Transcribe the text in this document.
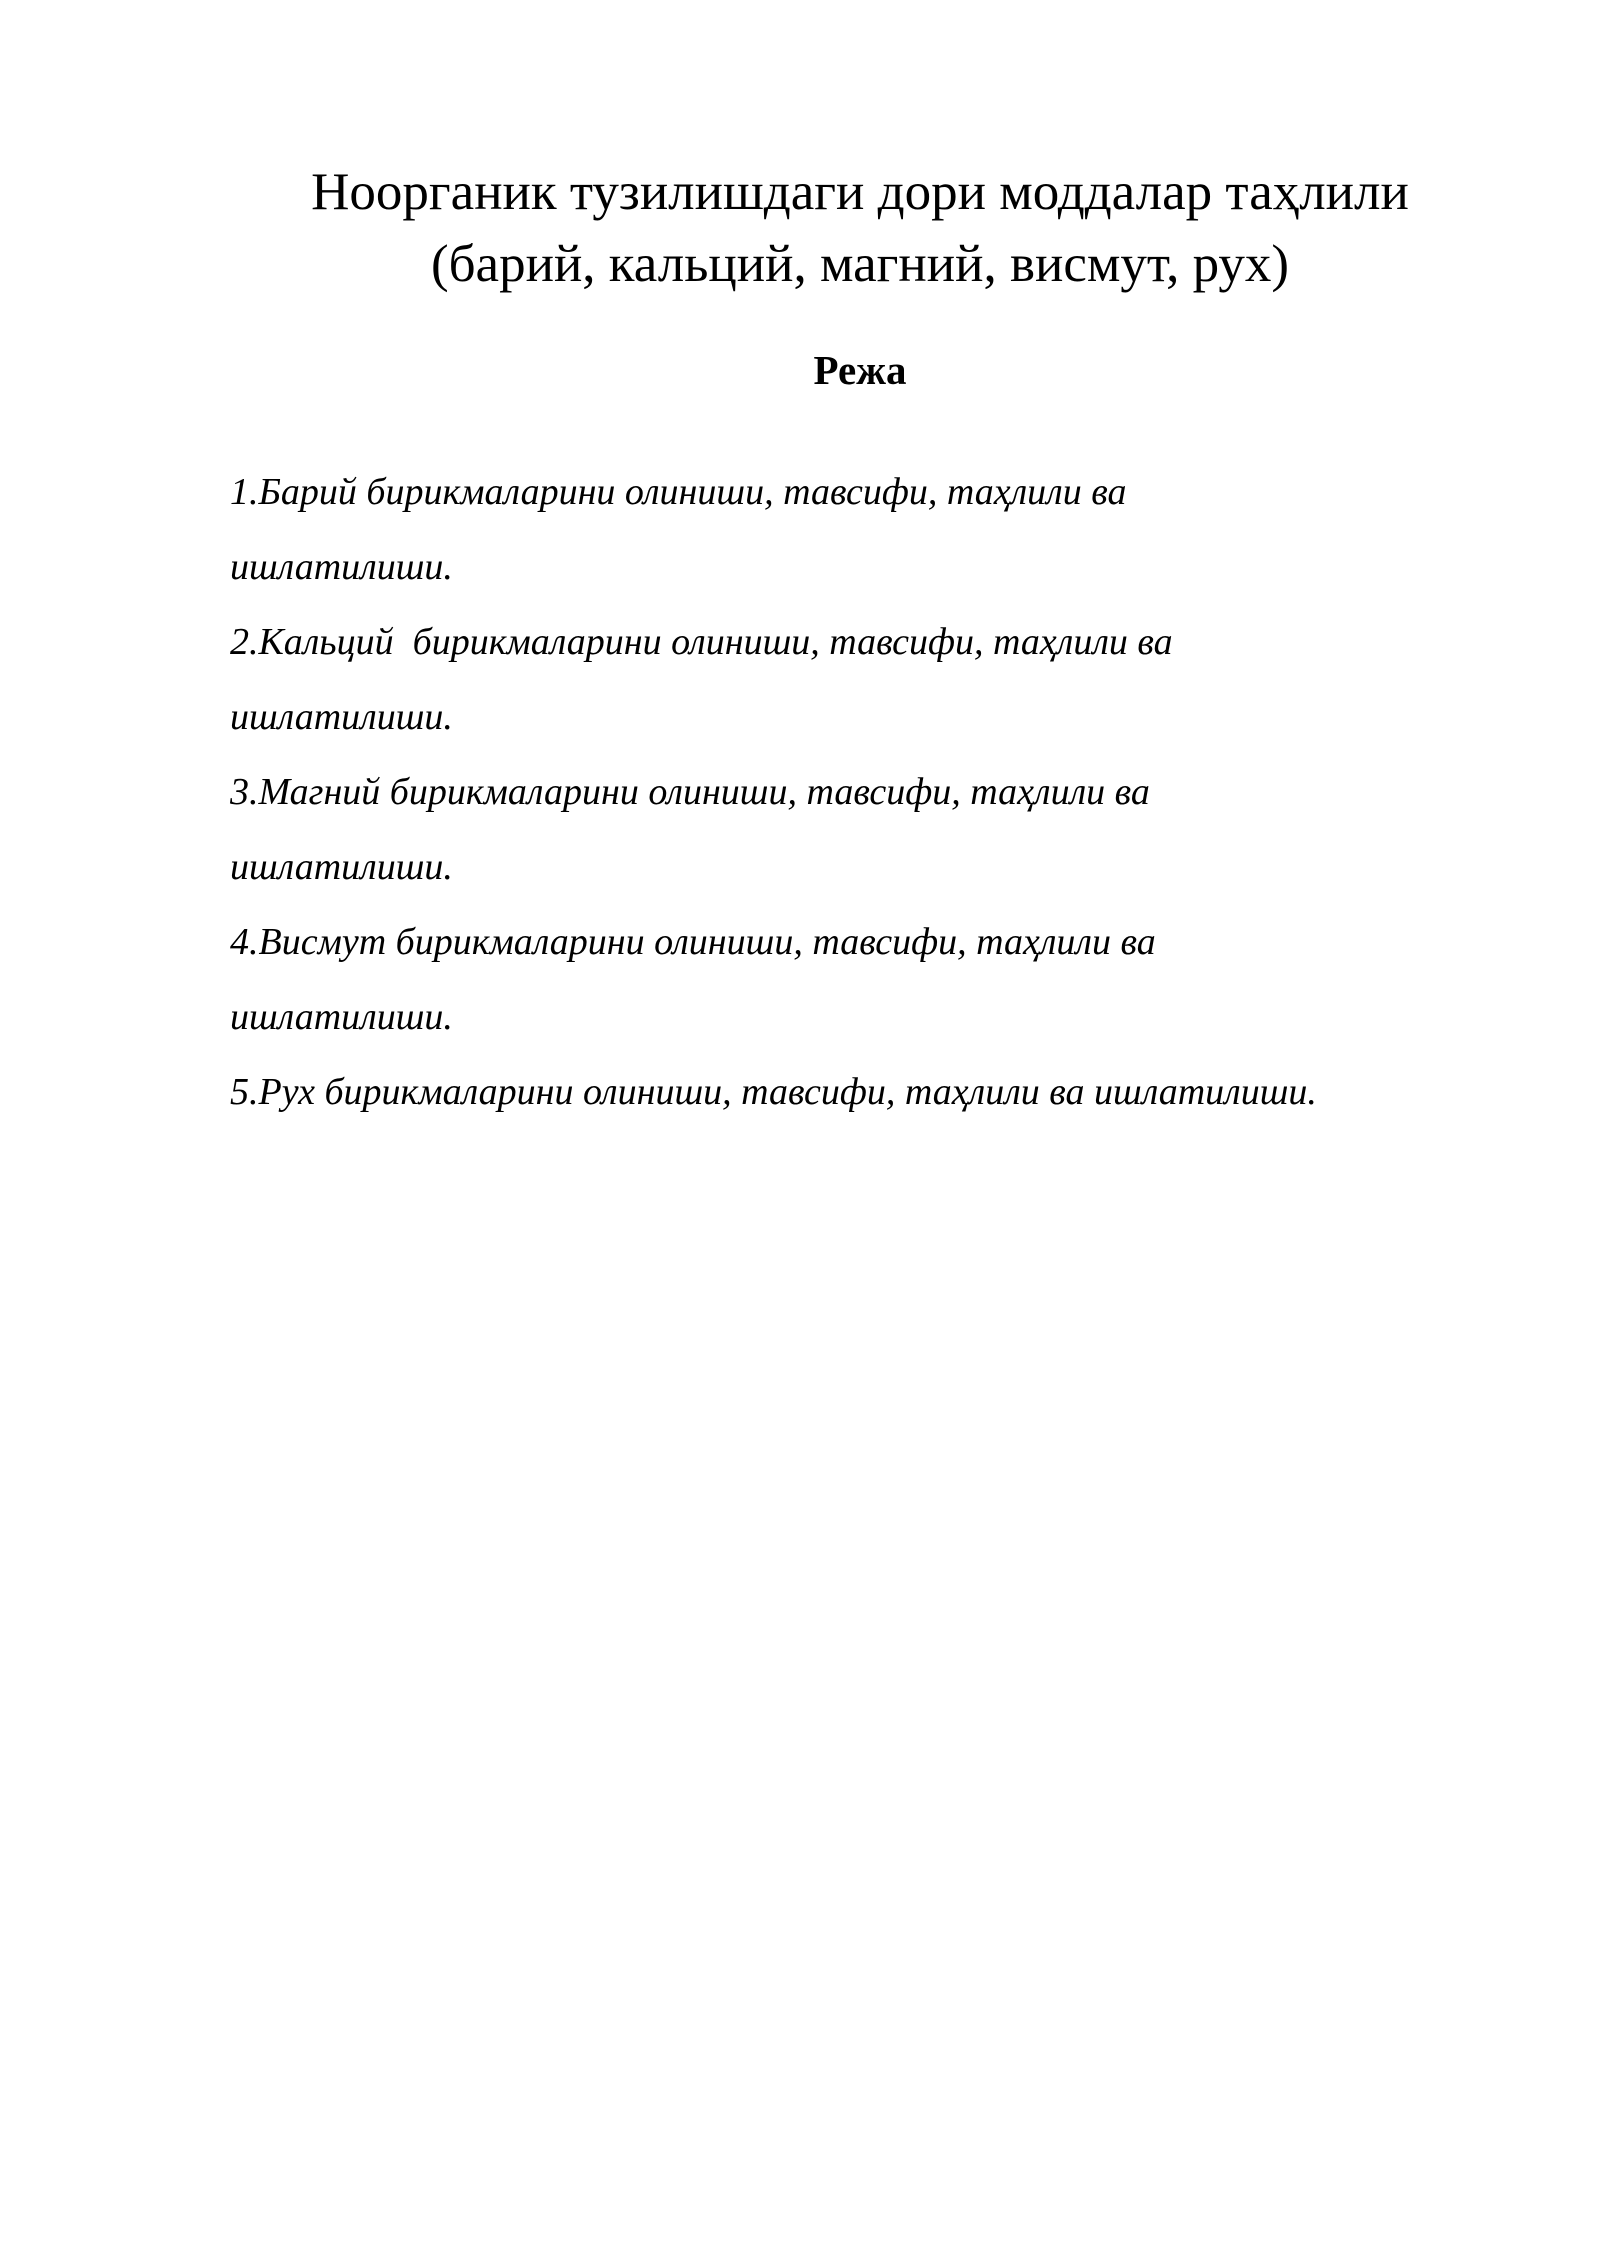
Ноорганик тузилишдаги дори моддалар таҳлили
(барий, кальций, магний, висмут, рух)
Режа
1.Барий бирикмаларини олиниши, тавсифи, таҳлили ва
ишлатилиши.
2.Кальций  бирикмаларини олиниши, тавсифи, таҳлили ва
ишлатилиши.
3.Магний бирикмаларини олиниши, тавсифи, таҳлили ва
ишлатилиши.
4.Висмут бирикмаларини олиниши, тавсифи, таҳлили ва
ишлатилиши.
5.Рух бирикмаларини олиниши, тавсифи, таҳлили ва ишлатилиши.
